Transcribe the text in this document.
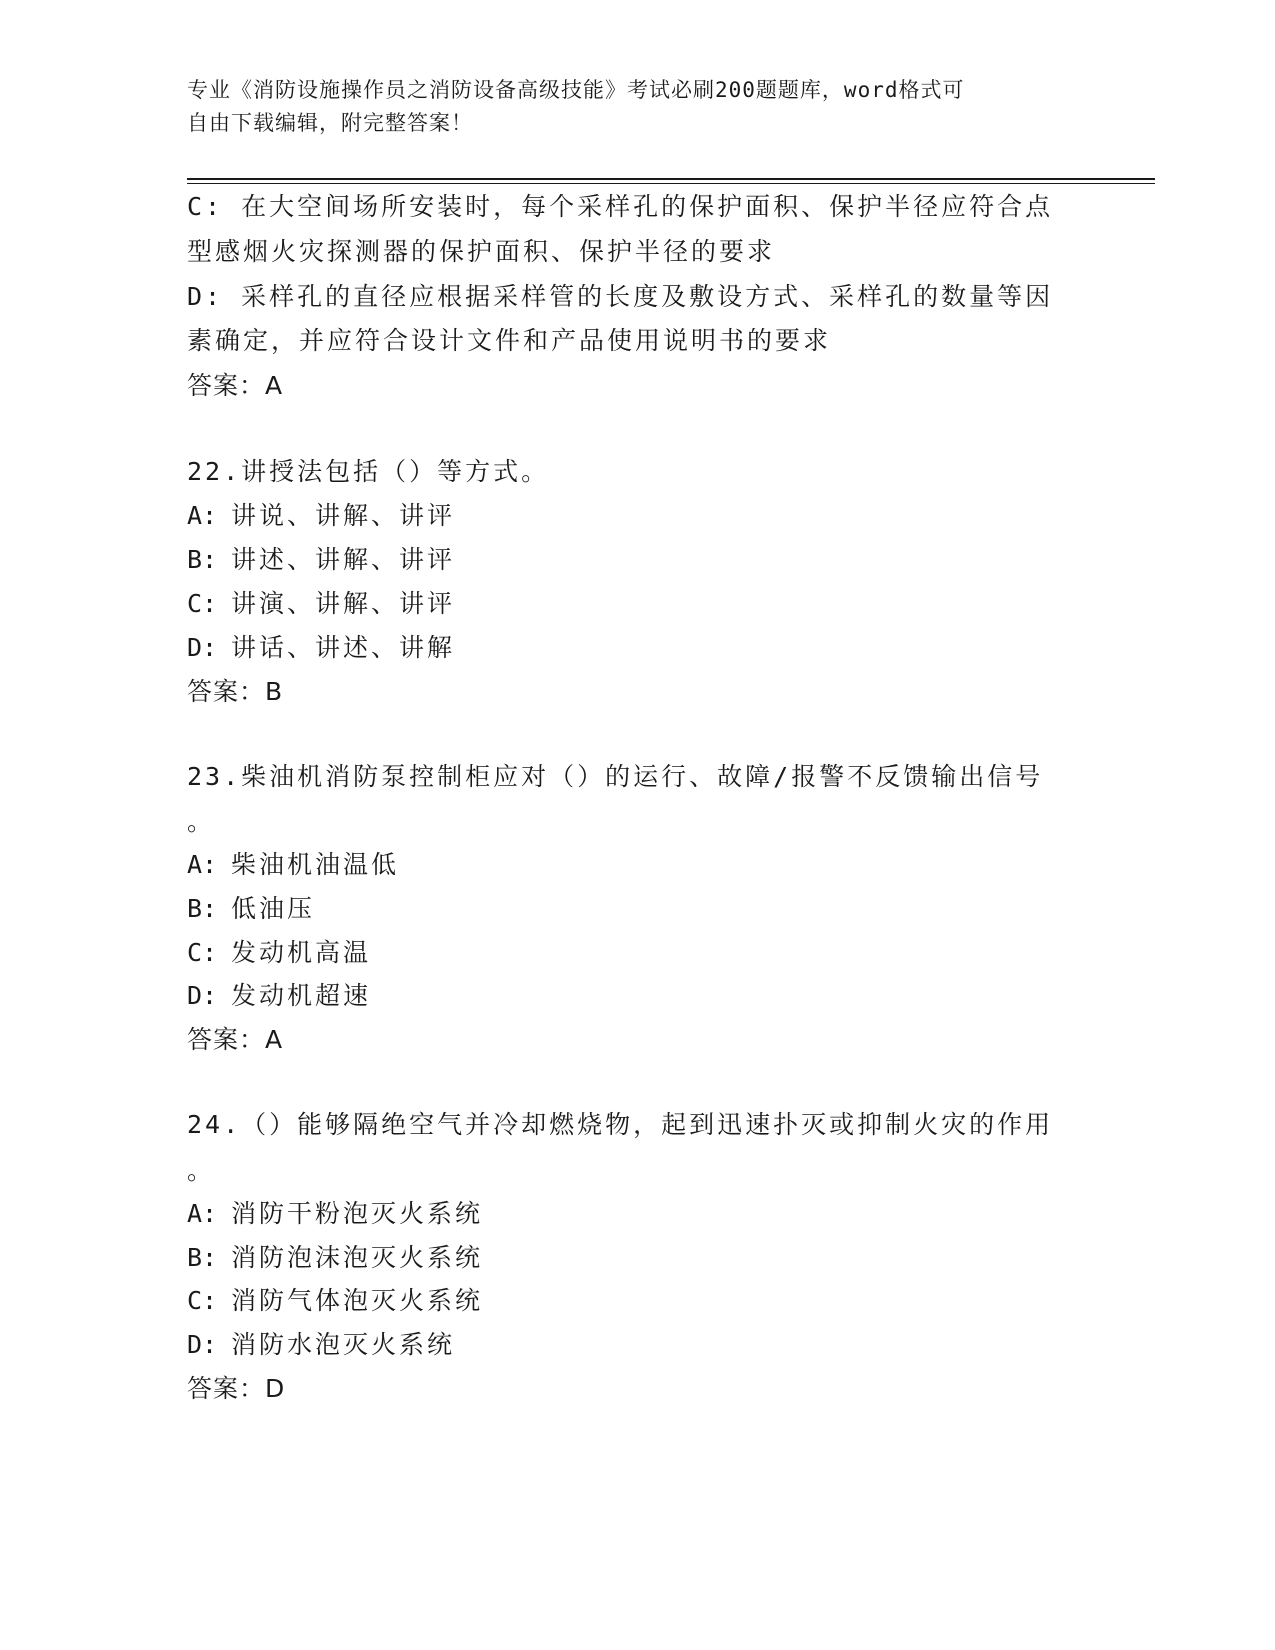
专业《消防设施操作员之消防设备高级技能》考试必刷200题题库，word格式可
自由下载编辑，附完整答案！
C: 在大空间场所安装时，每个采样孔的保护面积、保护半径应符合点
型感烟火灾探测器的保护面积、保护半径的要求
D: 采样孔的直径应根据采样管的长度及敷设方式、采样孔的数量等因
素确定，并应符合设计文件和产品使用说明书的要求
答案：A
22.讲授法包括（）等方式。
A: 讲说、讲解、讲评
B: 讲述、讲解、讲评
C: 讲演、讲解、讲评
D: 讲话、讲述、讲解
答案：B
23.柴油机消防泵控制柜应对（）的运行、故障/报警不反馈输出信号
。
A: 柴油机油温低
B: 低油压
C: 发动机高温
D: 发动机超速
答案：A
24.（）能够隔绝空气并冷却燃烧物，起到迅速扑灭或抑制火灾的作用
。
A: 消防干粉泡灭火系统
B: 消防泡沫泡灭火系统
C: 消防气体泡灭火系统
D: 消防水泡灭火系统
答案：D
